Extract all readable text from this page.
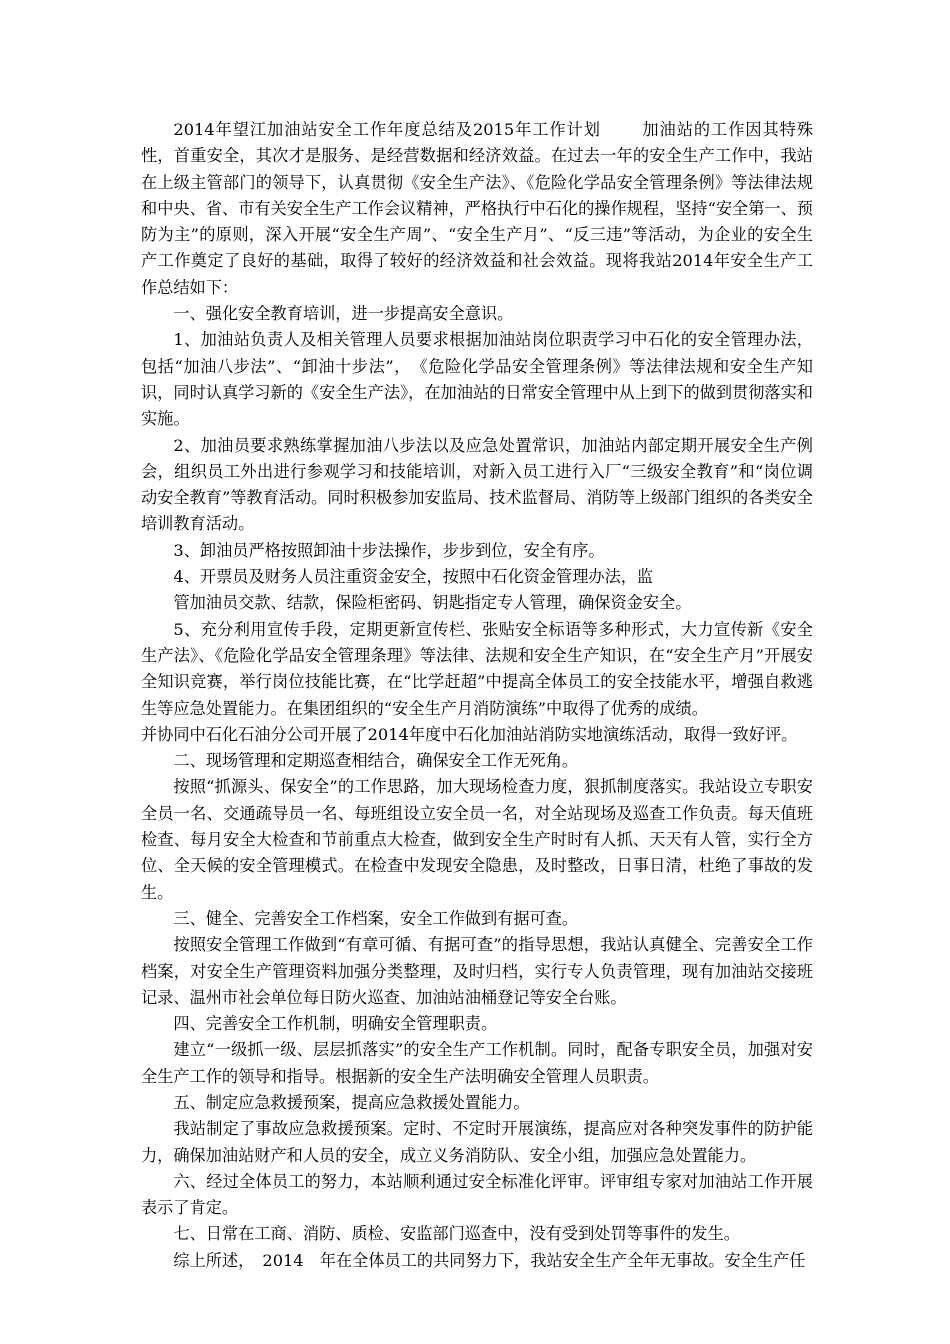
2014年望江加油站安全工作年度总结及2015年工作计划	加油站的工作因其特殊性，首重安全，其次才是服务、是经营数据和经济效益。在过去一年的安全生产工作中，我站在上级主管部门的领导下，认真贯彻《安全生产法》、《危险化学品安全管理条例》等法律法规和中央、省、市有关安全生产工作会议精神，严格执行中石化的操作规程，坚持“安全第一、预防为主”的原则，深入开展“安全生产周”、“安全生产月”、“反三违”等活动，为企业的安全生产工作奠定了良好的基础，取得了较好的经济效益和社会效益。现将我站2014年安全生产工作总结如下：

一、强化安全教育培训，进一步提高安全意识。

1、加油站负责人及相关管理人员要求根据加油站岗位职责学习中石化的安全管理办法，包括“加油八步法”、“卸油十步法”，　《危险化学品安全管理条例》等法律法规和安全生产知识，同时认真学习新的《安全生产法》，在加油站的日常安全管理中从上到下的做到贯彻落实和实施。

2、加油员要求熟练掌握加油八步法以及应急处置常识，加油站内部定期开展安全生产例会，组织员工外出进行参观学习和技能培训，对新入员工进行入厂“三级安全教育”和“岗位调动安全教育”等教育活动。同时积极参加安监局、技术监督局、消防等上级部门组织的各类安全培训教育活动。

3、卸油员严格按照卸油十步法操作，步步到位，安全有序。

4、开票员及财务人员注重资金安全，按照中石化资金管理办法，监

管加油员交款、结款，保险柜密码、钥匙指定专人管理，确保资金安全。

5、充分利用宣传手段，定期更新宣传栏、张贴安全标语等多种形式，大力宣传新《安全生产法》、《危险化学品安全管理条理》等法律、法规和安全生产知识，在“安全生产月”开展安全知识竞赛，举行岗位技能比赛，在“比学赶超”中提高全体员工的安全技能水平，增强自救逃生等应急处置能力。在集团组织的“安全生产月消防演练”中取得了优秀的成绩。

并协同中石化石油分公司开展了2014年度中石化加油站消防实地演练活动，取得一致好评。

二、现场管理和定期巡查相结合，确保安全工作无死角。

按照“抓源头、保安全”的工作思路，加大现场检查力度，狠抓制度落实。我站设立专职安全员一名、交通疏导员一名、每班组设立安全员一名，对全站现场及巡查工作负责。每天值班检查、每月安全大检查和节前重点大检查，做到安全生产时时有人抓、天天有人管，实行全方位、全天候的安全管理模式。在检查中发现安全隐患，及时整改，日事日清，杜绝了事故的发生。

三、健全、完善安全工作档案，安全工作做到有据可查。

按照安全管理工作做到“有章可循、有据可查”的指导思想，我站认真健全、完善安全工作档案，对安全生产管理资料加强分类整理，及时归档，实行专人负责管理，现有加油站交接班记录、温州市社会单位每日防火巡查、加油站油桶登记等安全台账。

四、完善安全工作机制，明确安全管理职责。

建立“一级抓一级、层层抓落实”的安全生产工作机制。同时，配备专职安全员，加强对安全生产工作的领导和指导。根据新的安全生产法明确安全管理人员职责。

五、制定应急救援预案，提高应急救援处置能力。

我站制定了事故应急救援预案。定时、不定时开展演练，提高应对各种突发事件的防护能力，确保加油站财产和人员的安全，成立义务消防队、安全小组，加强应急处置能力。

六、经过全体员工的努力，本站顺利通过安全标准化评审。评审组专家对加油站工作开展表示了肯定。

七、日常在工商、消防、质检、安监部门巡查中，没有受到处罚等事件的发生。

综上所述，　2014　年在全体员工的共同努力下，我站安全生产全年无事故。安全生产任
